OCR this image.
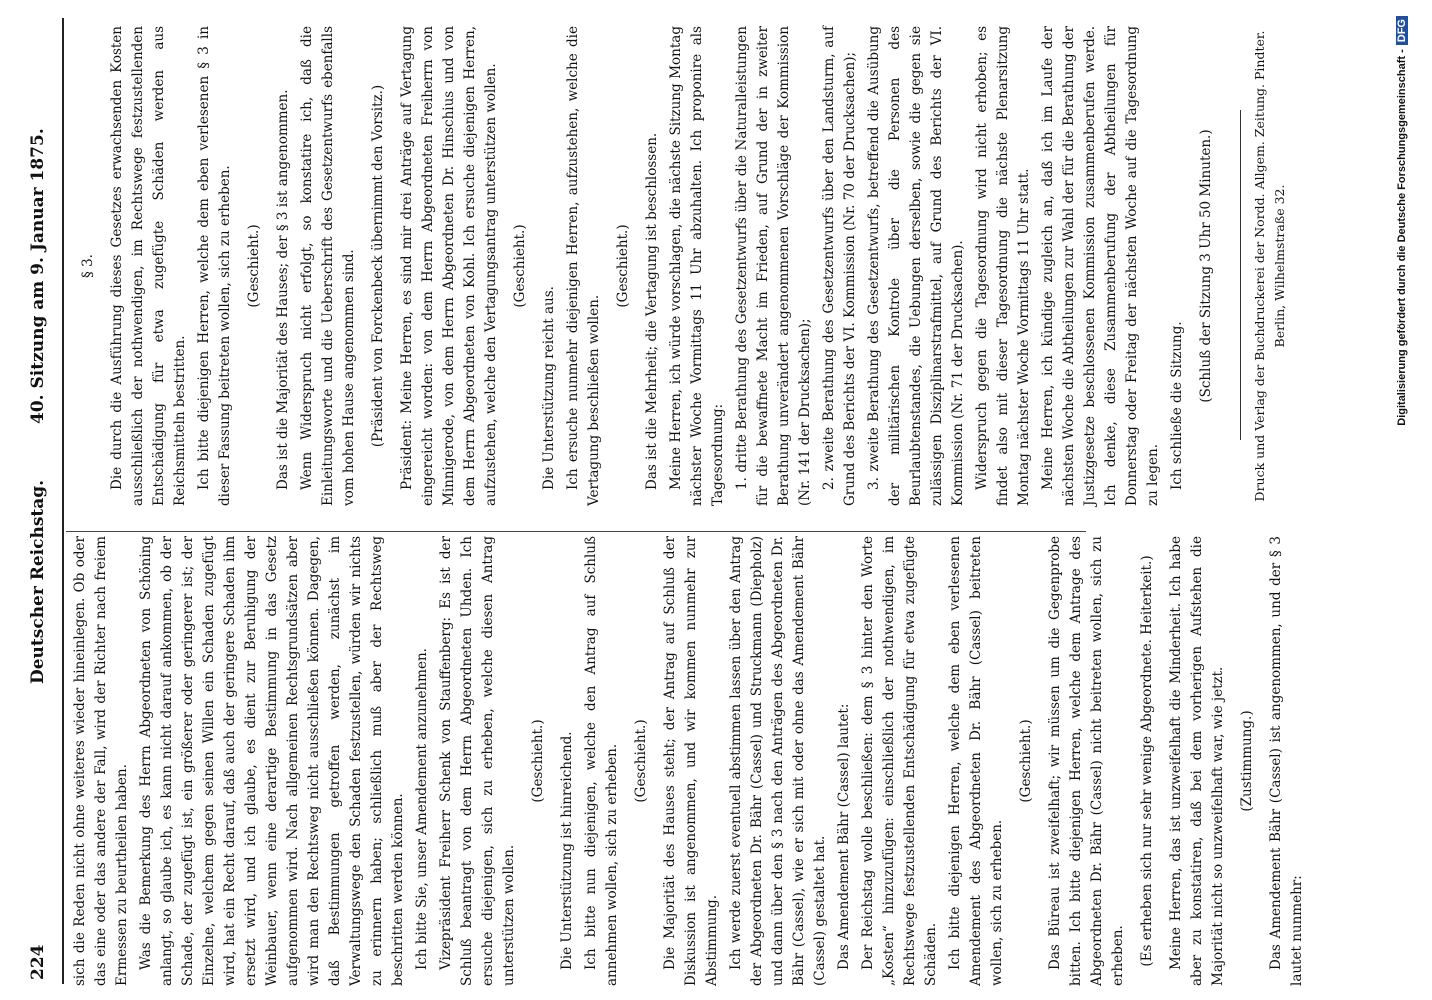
224
Deutscher Reichstag.
40. Sitzung am 9. Januar 1875.

sich die Reden nicht ohne weiteres wieder hineinlegen. Ob oder das eine oder das andere der Fall, wird der Richter nach freiem Ermessen zu beurtheilen haben. Was die Bemerkung des Herrn Abgeordneten von Schöning anlangt, so glaube ich, es kann nicht darauf ankommen, ob der Schade, der zugefügt ist, ein größerer oder geringerer ist; der Einzelne, welchem gegen seinen Willen ein Schaden zugefügt wird, hat ein Recht darauf, daß auch der geringere Schaden ihm ersetzt wird, und ich glaube, es dient zur Beruhigung der Weinbauer, wenn eine derartige Bestimmung in das Gesetz aufgenommen wird. Nach allgemeinen Rechtsgrundsätzen aber wird man den Rechtsweg nicht ausschließen können. Dagegen, daß Bestimmungen getroffen werden, zunächst im Verwaltungswege den Schaden festzustellen, würden wir nichts zu erinnern haben; schließlich muß aber der Rechtsweg beschritten werden können. Ich bitte Sie, unser Amendement anzunehmen. Vizepräsident Freiherr Schenk von Stauffenberg: Es ist der Schluß beantragt von dem Herrn Abgeordneten Uhden. Ich ersuche diejenigen, sich zu erheben, welche diesen Antrag unterstützen wollen.

(Geschieht.) Die Unterstützung ist hinreichend. Ich bitte nun diejenigen, welche den Antrag auf Schluß annehmen wollen, sich zu erheben. (Geschieht.) Die Majorität des Hauses steht; der Antrag auf Schluß der Diskussion ist angenommen, und wir kommen nunmehr zur Abstimmung. Ich werde zuerst eventuell abstimmen lassen über den Antrag der Abgeordneten Dr. Bähr (Cassel) und Struckmann (Diepholz) und dann über den § 3 nach den Anträgen des Abgeordneten Dr. Bähr (Cassel), wie er sich mit oder ohne das Amendement Bähr (Cassel) gestaltet hat. Das Amendement Bähr (Cassel) lautet: Der Reichstag wolle beschließen: dem § 3 hinter den Worte „Kosten“ hinzuzufügen: einschließlich der nothwendigen, im Rechtswege festzustellenden Entschädigung für etwa zugefügte Schäden. Ich bitte diejenigen Herren, welche dem eben verlesenen Amendement des Abgeordneten Dr. Bähr (Cassel) beitreten wollen, sich zu erheben.

(Geschieht.) Das Büreau ist zweifelhaft; wir müssen um die Gegenprobe bitten. Ich bitte diejenigen Herren, welche dem Antrage des Abgeordneten Dr. Bähr (Cassel) nicht beitreten wollen, sich zu erheben. (Es erheben sich nur sehr wenige Abgeordnete. Heiterkeit.) Meine Herren, das ist unzweifelhaft die Minderheit. Ich habe aber zu konstatiren, daß bei dem vorherigen Aufstehen die Majorität nicht so unzweifelhaft war, wie jetzt. (Zustimmung.) Das Amendement Bähr (Cassel) ist angenommen, und der § 3 lautet nunmehr:

§ 3. Die durch die Ausführung dieses Gesetzes erwachsenden Kosten ausschließlich der nothwendigen, im Rechtswege festzustellenden Entschädigung für etwa zugefügte Schäden werden aus Reichsmitteln bestritten. Ich bitte diejenigen Herren, welche dem eben verlesenen § 3 in dieser Fassung beitreten wollen, sich zu erheben. (Geschieht.) Das ist die Majorität des Hauses; der § 3 ist angenommen. Wenn Widerspruch nicht erfolgt, so konstatire ich, daß die Einleitungsworte und die Ueberschrift des Gesetzentwurfs ebenfalls vom hohen Hause angenommen sind. (Präsident von Forckenbeck übernimmt den Vorsitz.) Präsident: Meine Herren, es sind mir drei Anträge auf Vertagung eingereicht worden: von dem Herrn Abgeordneten Freiherrn von Minnigerode, von dem Herrn Abgeordneten Dr. Hinschius und von dem Herrn Abgeordneten von Kohl. Ich ersuche diejenigen Herren, aufzustehen, welche den Vertagungsantrag unterstützen wollen. (Geschieht.)

Die Unterstützung reicht aus. Ich ersuche nunmehr diejenigen Herren, aufzustehen, welche die Vertagung beschließen wollen.

(Geschieht.) Das ist die Mehrheit; die Vertagung ist beschlossen. Meine Herren, ich würde vorschlagen, die nächste Sitzung Montag nächster Woche Vormittags 11 Uhr abzuhalten. Ich proponire als Tagesordnung: 1. dritte Berathung des Gesetzentwurfs über die Naturalleistungen für die bewaffnete Macht im Frieden, auf Grund der in zweiter Berathung unverändert angenommenen Vorschläge der Kommission (Nr. 141 der Drucksachen); 2. zweite Berathung des Gesetzentwurfs über den Landsturm, auf Grund des Berichts der VI. Kommission (Nr. 70 der Drucksachen); 3. zweite Berathung des Gesetzentwurfs, betreffend die Ausübung der militärischen Kontrole über die Personen des Beurlaubtenstandes, die Uebungen derselben, sowie die gegen sie zulässigen Disziplinarstrafmittel, auf Grund des Berichts der VI. Kommission (Nr. 71 der Drucksachen). Widerspruch gegen die Tagesordnung wird nicht erhoben; es findet also mit dieser Tagesordnung die nächste Plenarsitzung Montag nächster Woche Vormittags 11 Uhr statt. Meine Herren, ich kündige zugleich an, daß ich im Laufe der nächsten Woche die Abtheilungen zur Wahl der für die Berathung der Justizgesetze beschlossenen Kommission zusammenberufen werde. Ich denke, diese Zusammenberufung der Abtheilungen für Donnerstag oder Freitag der nächsten Woche auf die Tagesordnung zu legen. Ich schließe die Sitzung.

(Schluß der Sitzung 3 Uhr 50 Minuten.)	Druck und Verlag der Buchdruckerei der Nordd. Allgem. Zeitung. Pindter. Berlin, Wilhelmstraße 32.	Digitalisierung gefördert durch die Deutsche Forschungsgemeinschaft -DFG
